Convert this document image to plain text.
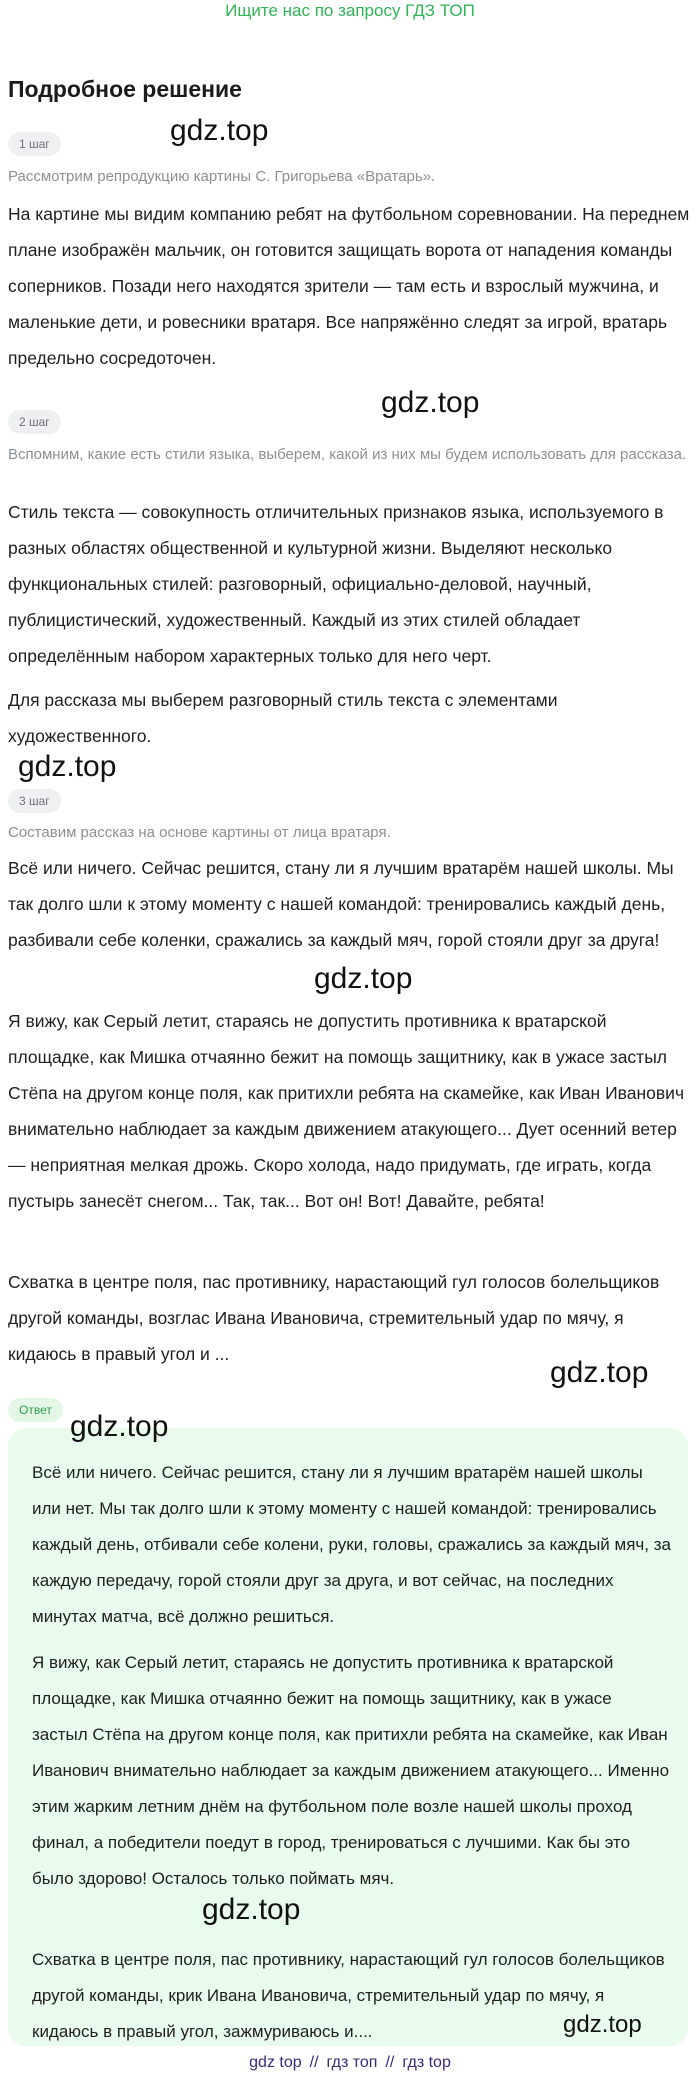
Ищите нас по запросу ГДЗ ТОП
Подробное решение
1 шаг	gdz.top
Рассмотрим репродукцию картины С. Григорьева «Вратарь».
На картине мы видим компанию ребят на футбольном соревновании. На переднем плане изображён мальчик, он готовится защищать ворота от нападения команды соперников. Позади него находятся зрители — там есть и взрослый мужчина, и маленькие дети, и ровесники вратаря. Все напряжённо следят за игрой, вратарь предельно сосредоточен.
2 шаг
gdz.top
Вспомним, какие есть стили языка, выберем, какой из них мы будем использовать для рассказа.
Стиль текста — совокупность отличительных признаков языка, используемого в разных областях общественной и культурной жизни. Выделяют несколько функциональных стилей: разговорный, официально-деловой, научный, публицистический, художественный. Каждый из этих стилей обладает определённым набором характерных только для него черт.
Для рассказа мы выберем разговорный стиль текста с элементами художественного.
gdz.top
3 шаг
Составим рассказ на основе картины от лица вратаря.
Всё или ничего. Сейчас решится, стану ли я лучшим вратарём нашей школы. Мы так долго шли к этому моменту с нашей командой: тренировались каждый день, разбивали себе коленки, сражались за каждый мяч, горой стояли друг за друга!
gdz.top
Я вижу, как Серый летит, стараясь не допустить противника к вратарской площадке, как Мишка отчаянно бежит на помощь защитнику, как в ужасе застыл Стёпа на другом конце поля, как притихли ребята на скамейке, как Иван Иванович внимательно наблюдает за каждым движением атакующего... Дует осенний ветер — неприятная мелкая дрожь. Скоро холода, надо придумать, где играть, когда пустырь занесёт снегом... Так, так... Вот он! Вот! Давайте, ребята!
Схватка в центре поля, пас противнику, нарастающий гул голосов болельщиков другой команды, возглас Ивана Ивановича, стремительный удар по мячу, я кидаюсь в правый угол и ...
gdz.top
Ответ gdz.top
Всё или ничего. Сейчас решится, стану ли я лучшим вратарём нашей школы или нет. Мы так долго шли к этому моменту с нашей командой: тренировались каждый день, отбивали себе колени, руки, головы, сражались за каждый мяч, за каждую передачу, горой стояли друг за друга, и вот сейчас, на последних минутах матча, всё должно решиться.
Я вижу, как Серый летит, стараясь не допустить противника к вратарской площадке, как Мишка отчаянно бежит на помощь защитнику, как в ужасе застыл Стёпа на другом конце поля, как притихли ребята на скамейке, как Иван Иванович внимательно наблюдает за каждым движением атакующего... Именно этим жарким летним днём на футбольном поле возле нашей школы проход финал, а победители поедут в город, тренироваться с лучшими. Как бы это было здорово! Осталось только поймать мяч.
gdz.top
Схватка в центре поля, пас противнику, нарастающий гул голосов болельщиков другой команды, крик Ивана Ивановича, стремительный удар по мячу, я кидаюсь в правый угол, зажмуриваюсь и....	gdz.top
gdz top // гдз топ // гдз top
